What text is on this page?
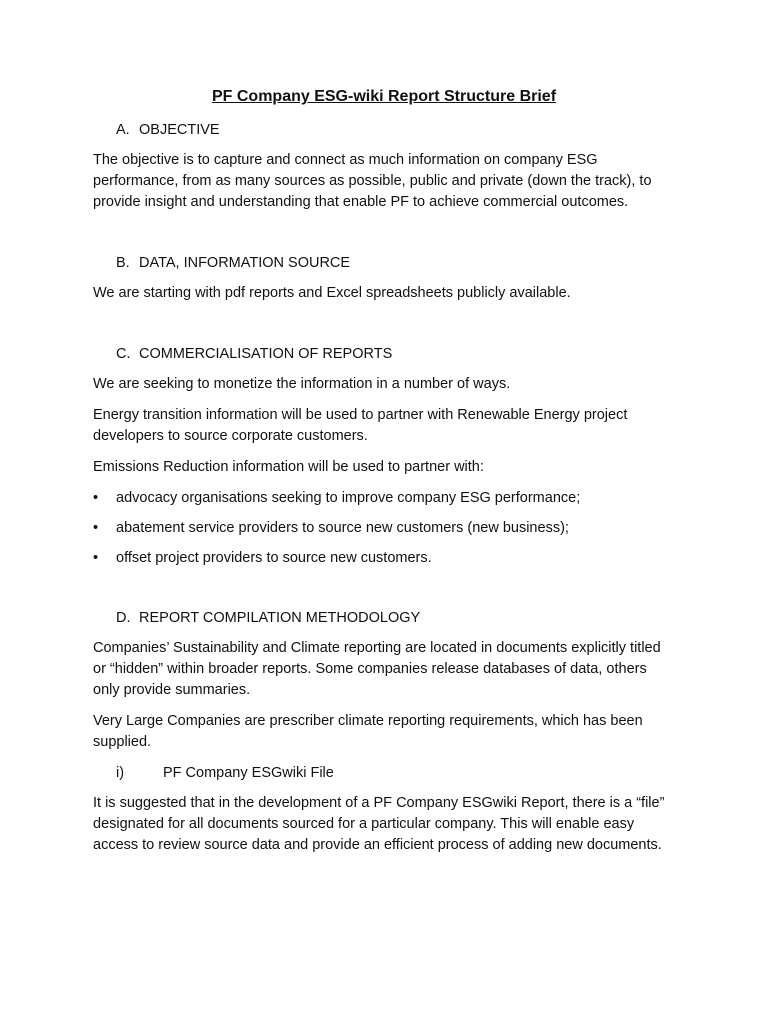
PF Company ESG-wiki Report Structure Brief
A. OBJECTIVE

The objective is to capture and connect as much information on company ESG performance, from as many sources as possible, public and private (down the track), to provide insight and understanding that enable PF to achieve commercial outcomes.

B. DATA, INFORMATION SOURCE

We are starting with pdf reports and Excel spreadsheets publicly available.

C. COMMERCIALISATION OF REPORTS

We are seeking to monetize the information in a number of ways.

Energy transition information will be used to partner with Renewable Energy project developers to source corporate customers.

Emissions Reduction information will be used to partner with:

• advocacy organisations seeking to improve company ESG performance;
• abatement service providers to source new customers (new business);
• offset project providers to source new customers.
D. REPORT COMPILATION METHODOLOGY

Companies’ Sustainability and Climate reporting are located in documents explicitly titled or “hidden” within broader reports. Some companies release databases of data, others only provide summaries.

Very Large Companies are prescriber climate reporting requirements, which has been supplied.

i)	PF Company ESGwiki File

It is suggested that in the development of a PF Company ESGwiki Report, there is a “file” designated for all documents sourced for a particular company. This will enable easy access to review source data and provide an efficient process of adding new documents.
